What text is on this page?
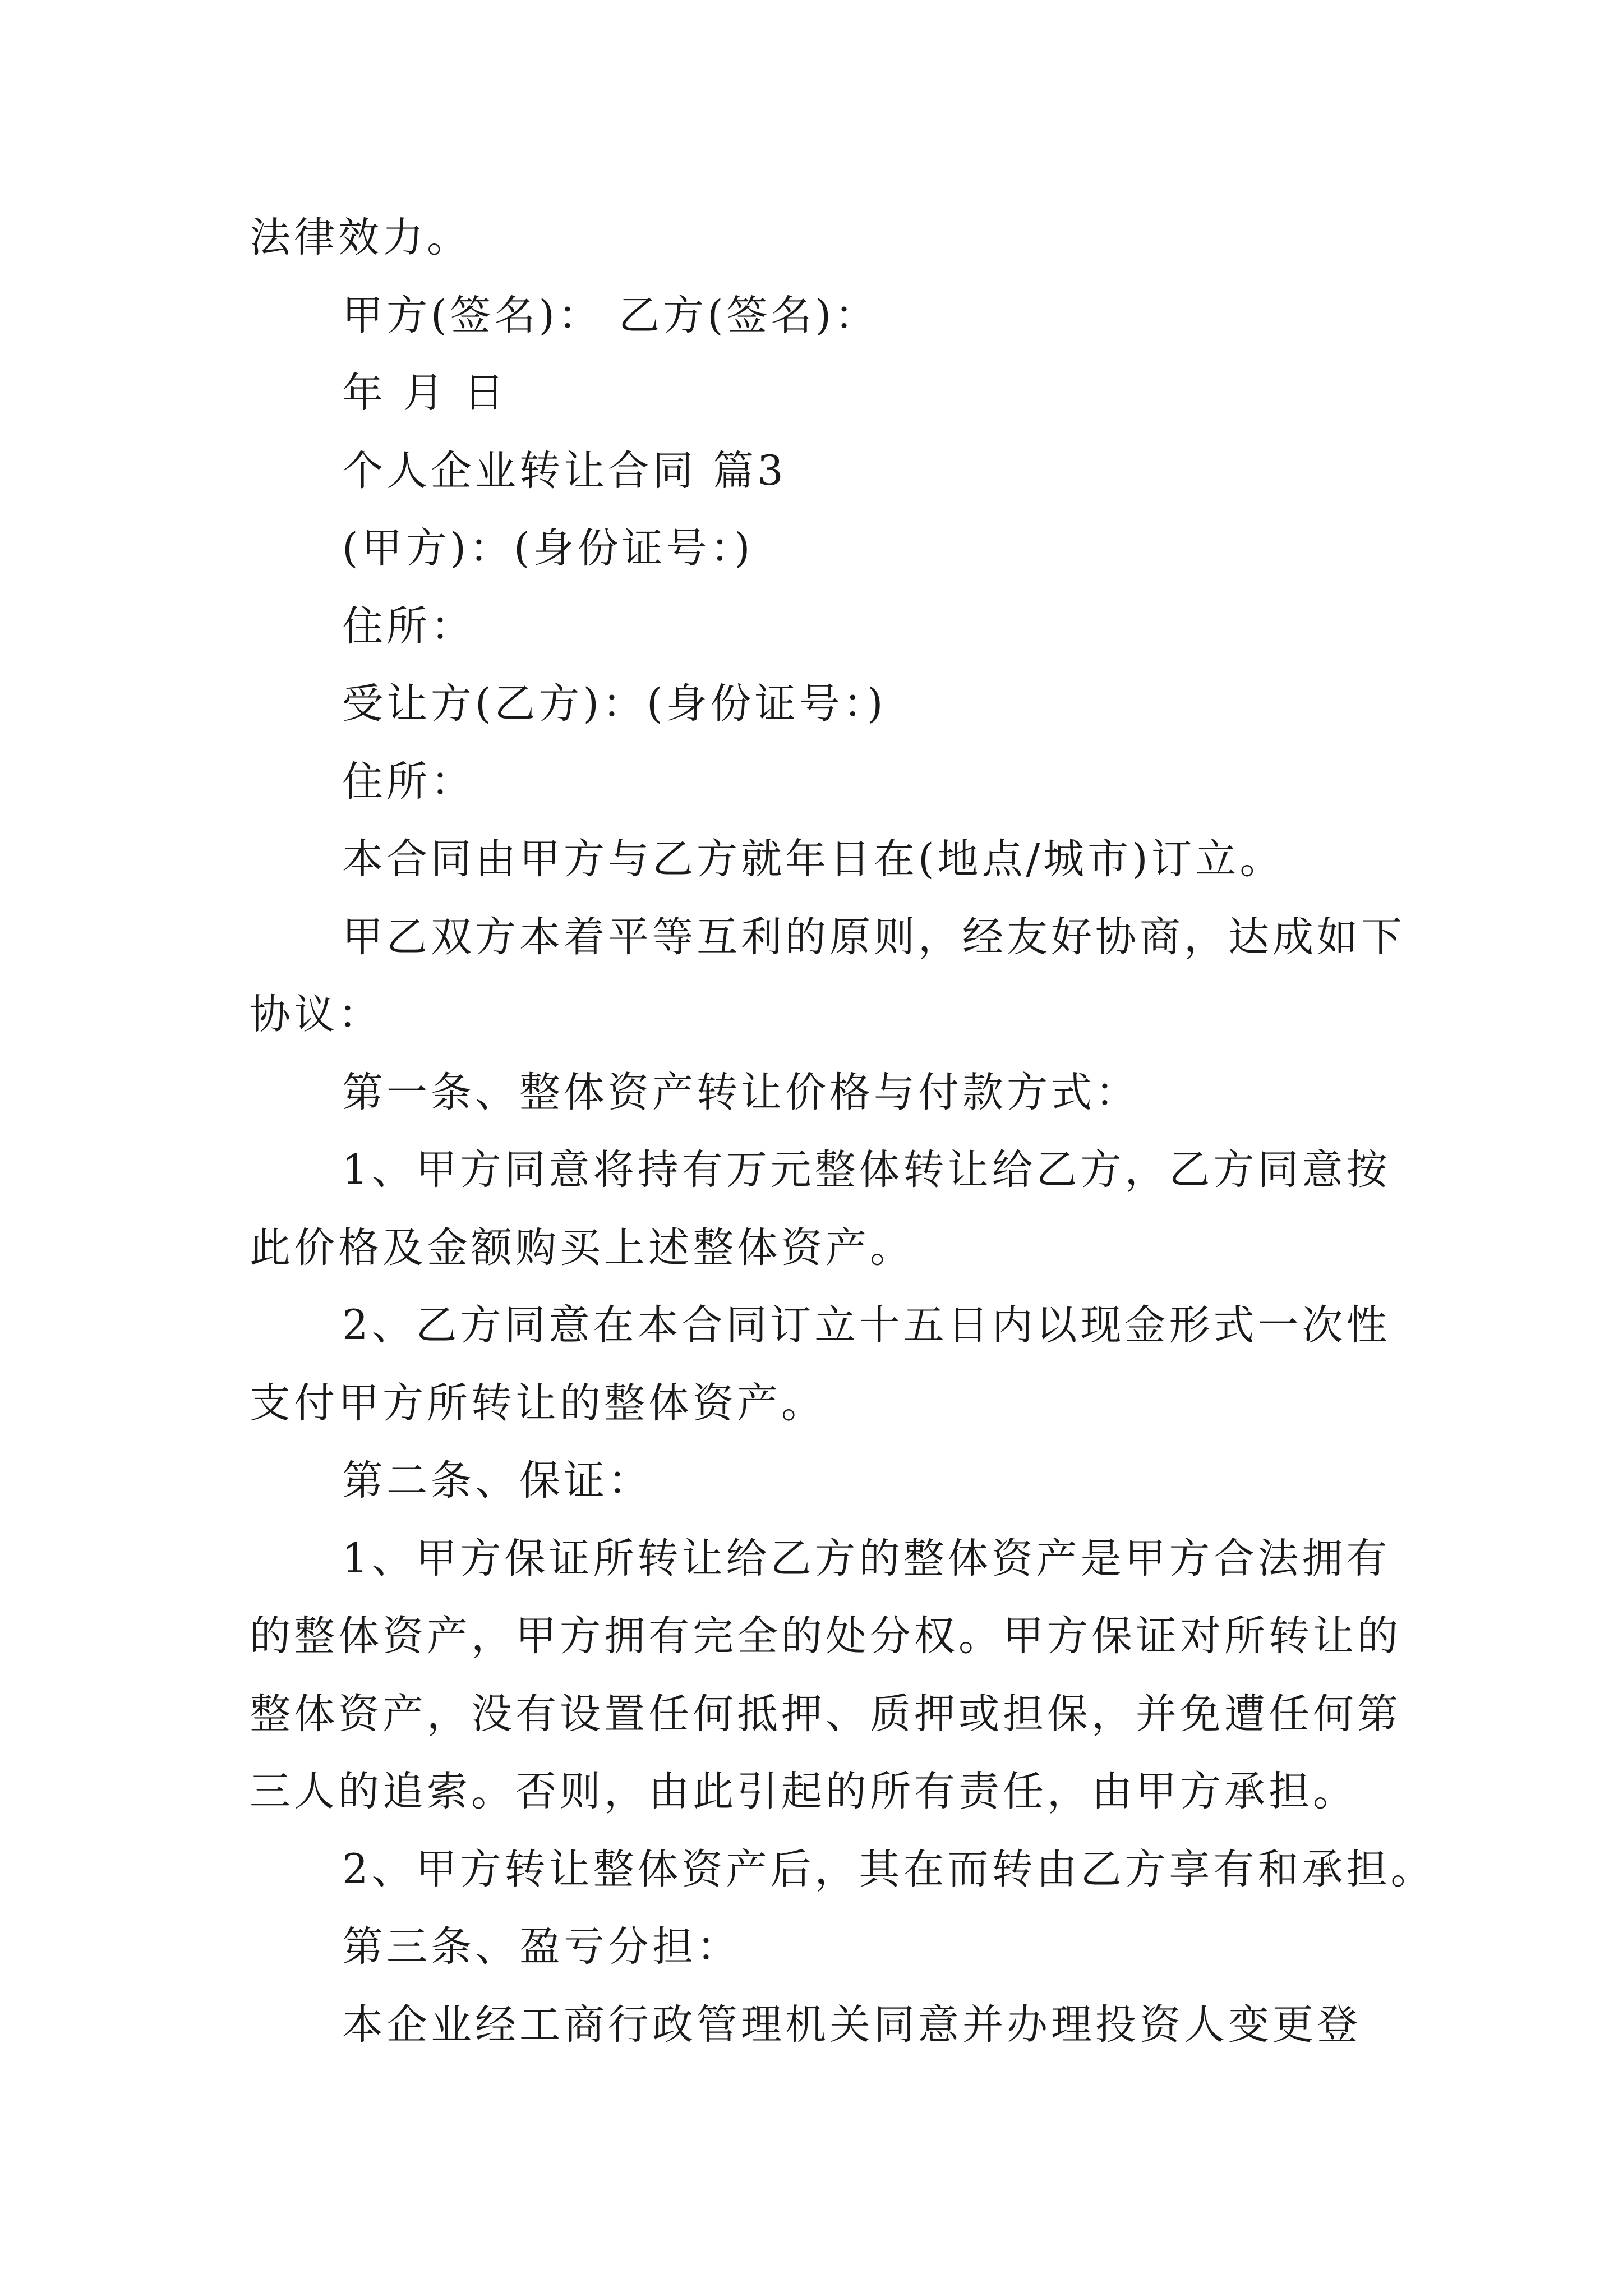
法律效力。
甲方(签名)： 乙方(签名)：
年 月 日
个人企业转让合同 篇3
(甲方)：(身份证号：)
住所：
受让方(乙方)：(身份证号：)
住所：
本合同由甲方与乙方就年日在(地点/城市)订立。
甲乙双方本着平等互利的原则，经友好协商，达成如下
协议：
第一条、整体资产转让价格与付款方式：
1、甲方同意将持有万元整体转让给乙方，乙方同意按
此价格及金额购买上述整体资产。
2、乙方同意在本合同订立十五日内以现金形式一次性
支付甲方所转让的整体资产。
第二条、保证：
1、甲方保证所转让给乙方的整体资产是甲方合法拥有
的整体资产，甲方拥有完全的处分权。甲方保证对所转让的
整体资产，没有设置任何抵押、质押或担保，并免遭任何第
三人的追索。否则，由此引起的所有责任，由甲方承担。
2、甲方转让整体资产后，其在而转由乙方享有和承担。
第三条、盈亏分担：
本企业经工商行政管理机关同意并办理投资人变更登
